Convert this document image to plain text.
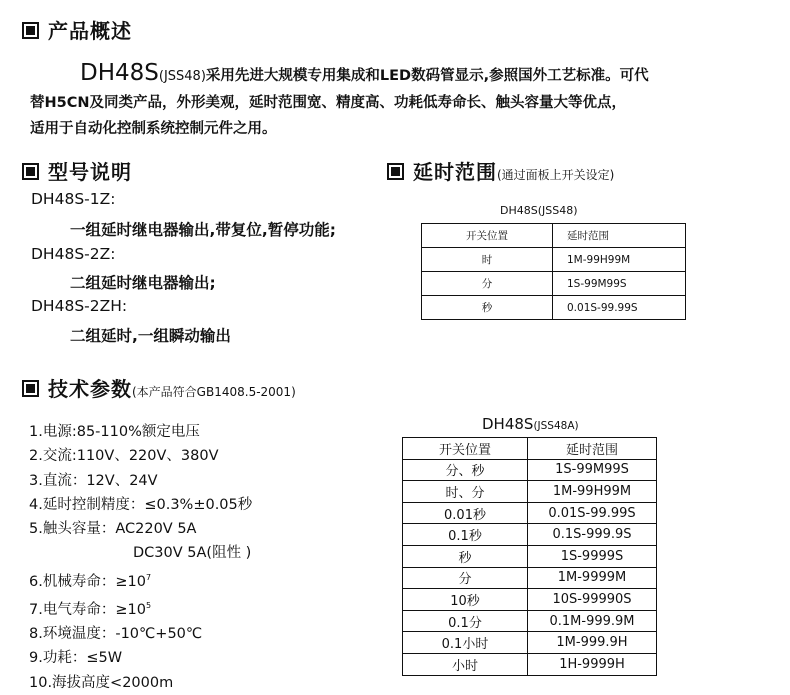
产品概述
DH48S(JSS48)采用先进大规模专用集成和LED数码管显示,参照国外工艺标准。可代
替H5CN及同类产品，外形美观，延时范围宽、精度高、功耗低寿命长、触头容量大等优点，
适用于自动化控制系统控制元件之用。
型号说明
DH48S-1Z:
一组延时继电器输出,带复位,暂停功能;
DH48S-2Z:
二组延时继电器输出;
DH48S-2ZH:
二组延时,一组瞬动输出
延时范围(通过面板上开关设定)
DH48S(JSS48)
开关位置	延时范围
时	1M-99H99M
分	1S-99M99S
秒	0.01S-99.99S
技术参数(本产品符合GB1408.5-2001)
1.电源:85-110%额定电压
2.交流:110V、220V、380V
3.直流：12V、24V
4.延时控制精度：≤0.3%±0.05秒
5.触头容量：AC220V 5A
DC30V 5A(阻性 )
6.机械寿命：$\ge 10^7$
7.电气寿命：$\ge 10^5$
8.环境温度：-10℃+50℃
9.功耗：≤5W
10.海拔高度<2000m
DH48S(JSS48A)
开关位置	延时范围
分、秒	1S-99M99S
时、分	1M-99H99M
0.01秒	0.01S-99.99S
0.1秒	0.1S-999.9S
秒	1S-9999S
分	1M-9999M
10秒	10S-99990S
0.1分	0.1M-999.9M
0.1小时	1M-999.9H
小时	1H-9999H
